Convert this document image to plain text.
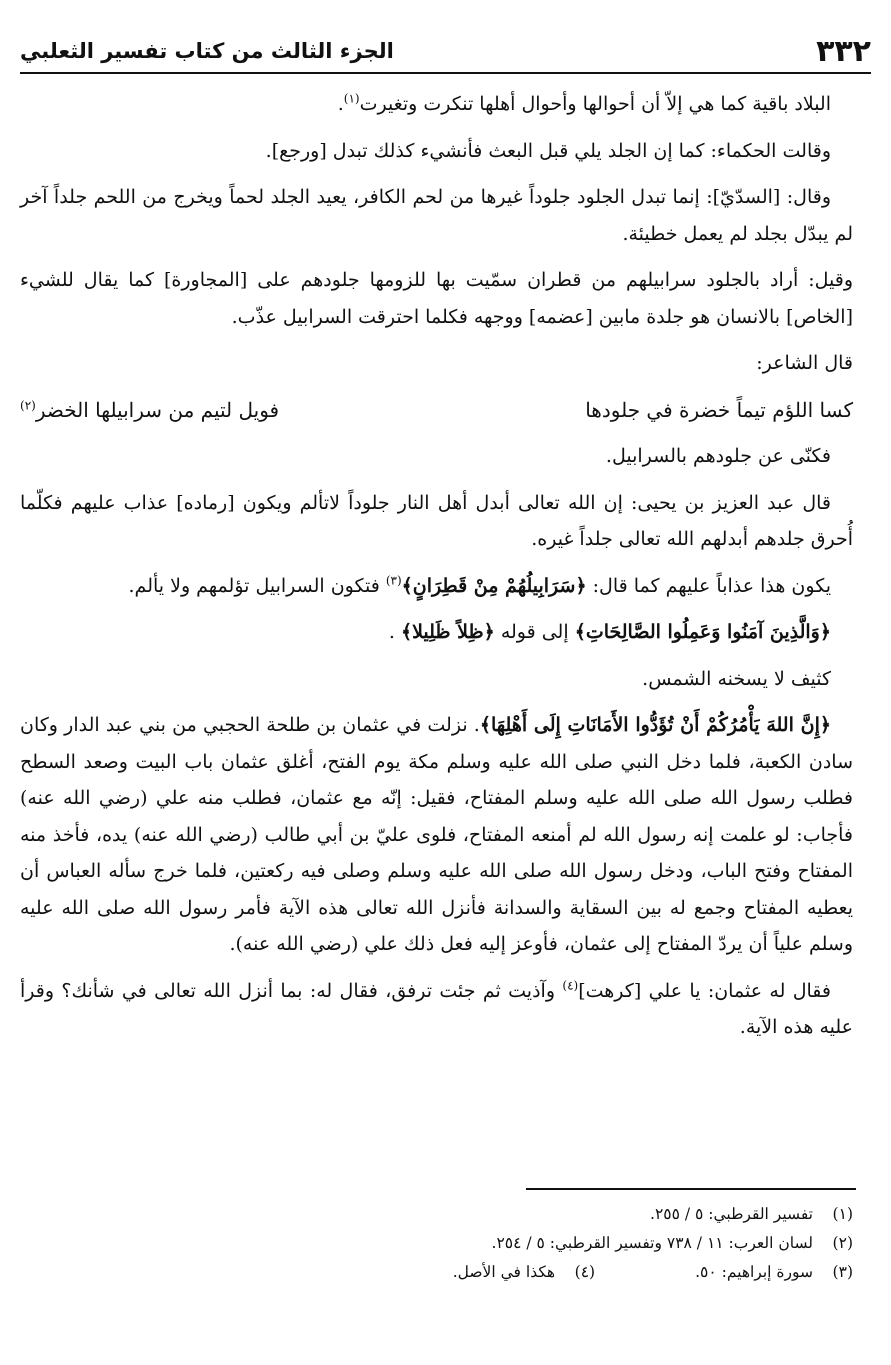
٣٣٢
الجزء الثالث من كتاب تفسير الثعلبي

البلاد باقية كما هي إلاّ أن أحوالها وأحوال أهلها تنكرت وتغيرت$^{(١)}$.

وقالت الحكماء: كما إن الجلد يلي قبل البعث فأنشيء كذلك تبدل [ورجع].

وقال: [السدّيّ]: إنما تبدل الجلود جلوداً غيرها من لحم الكافر، يعيد الجلد لحماً ويخرج من اللحم جلداً آخر لم يبدّل بجلد لم يعمل خطيئة.

وقيل: أراد بالجلود سرابيلهم من قطران سمّيت بها للزومها جلودهم على [المجاورة] كما يقال للشيء [الخاص] بالانسان هو جلدة مابين [عضمه] ووجهه فكلما احترقت السرابيل عذّب.

قال الشاعر:

كسا اللؤم تيماً خضرة في جلودها
فويل لتيم من سرابيلها الخضر$^{(٢)}$

فكنّى عن جلودهم بالسرابيل.

قال عبد العزيز بن يحيى: إن الله تعالى أبدل أهل النار جلوداً لاتألم ويكون [رماده] عذاب عليهم فكلّما أُحرق جلدهم أبدلهم الله تعالى جلداً غيره.

يكون هذا عذاباً عليهم كما قال: ﴿سَرَابِيلُهُمْ مِنْ قَطِرَانٍ﴾$^{(٣)}$ فتكون السرابيل تؤلمهم ولا يألم.

﴿وَالَّذِينَ آمَنُوا وَعَمِلُوا الصَّالِحَاتِ﴾ إلى قوله ﴿ظِلاً ظَلِيلا﴾ .

كثيف لا يسخنه الشمس.

﴿إِنَّ اللهَ يَأْمُرُكُمْ أَنْ تُؤَدُّوا الأَمَانَاتِ إِلَى أَهْلِهَا﴾. نزلت في عثمان بن طلحة الحجبي من بني عبد الدار وكان سادن الكعبة، فلما دخل النبي صلى الله عليه وسلم مكة يوم الفتح، أغلق عثمان باب البيت وصعد السطح فطلب رسول الله صلى الله عليه وسلم المفتاح، فقيل: إنّه مع عثمان، فطلب منه علي (رضي الله عنه) فأجاب: لو علمت إنه رسول الله لم أمنعه المفتاح، فلوى عليّ بن أبي طالب (رضي الله عنه) يده، فأخذ منه المفتاح وفتح الباب، ودخل رسول الله صلى الله عليه وسلم وصلى فيه ركعتين، فلما خرج سأله العباس أن يعطيه المفتاح وجمع له بين السقاية والسدانة فأنزل الله تعالى هذه الآية فأمر رسول الله صلى الله عليه وسلم علياً أن يردّ المفتاح إلى عثمان، فأوعز إليه فعل ذلك علي (رضي الله عنه).

فقال له عثمان: يا علي [كرهت]$^{(٤)}$ وآذيت ثم جئت ترفق، فقال له: بما أنزل الله تعالى في شأنك؟ وقرأ عليه هذه الآية.

(١)تفسير القرطبي: ٥ / ٢٥٥.
(٢)لسان العرب: ١١ / ٧٣٨ وتفسير القرطبي: ٥ / ٢٥٤.
(٣)سورة إبراهيم: ٥٠.
(٤)هكذا في الأصل.
